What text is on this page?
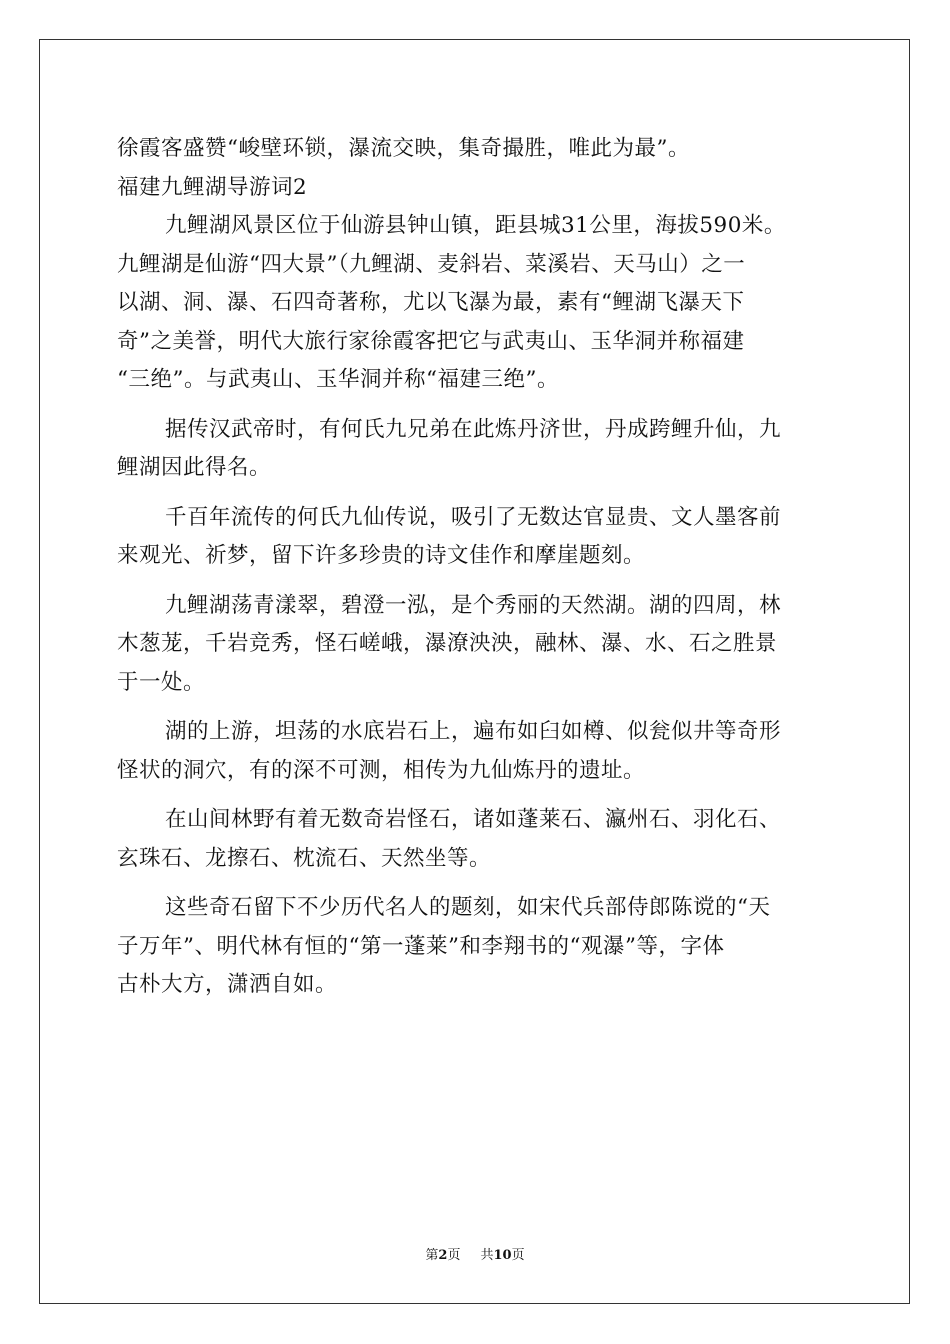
徐霞客盛赞“峻壁环锁，瀑流交映，集奇撮胜，唯此为最”。
福建九鲤湖导游词2
九鲤湖风景区位于仙游县钟山镇，距县城31公里，海拔590米。
九鲤湖是仙游“四大景”（九鲤湖、麦斜岩、菜溪岩、天马山）之一
以湖、洞、瀑、石四奇著称，尤以飞瀑为最，素有“鲤湖飞瀑天下
奇”之美誉，明代大旅行家徐霞客把它与武夷山、玉华洞并称福建
“三绝”。与武夷山、玉华洞并称“福建三绝”。
据传汉武帝时，有何氏九兄弟在此炼丹济世，丹成跨鲤升仙，九
鲤湖因此得名。
千百年流传的何氏九仙传说，吸引了无数达官显贵、文人墨客前
来观光、祈梦，留下许多珍贵的诗文佳作和摩崖题刻。
九鲤湖荡青漾翠，碧澄一泓，是个秀丽的天然湖。湖的四周，林
木葱茏，千岩竞秀，怪石嵯峨，瀑潦泱泱，融林、瀑、水、石之胜景
于一处。
湖的上游，坦荡的水底岩石上，遍布如臼如樽、似瓮似井等奇形
怪状的洞穴，有的深不可测，相传为九仙炼丹的遗址。
在山间林野有着无数奇岩怪石，诸如蓬莱石、瀛州石、羽化石、
玄珠石、龙擦石、枕流石、天然坐等。
这些奇石留下不少历代名人的题刻，如宋代兵部侍郎陈谠的“天
子万年”、明代林有恒的“第一蓬莱”和李翔书的“观瀑”等，字体
古朴大方，潇洒自如。
第2页 共10页
